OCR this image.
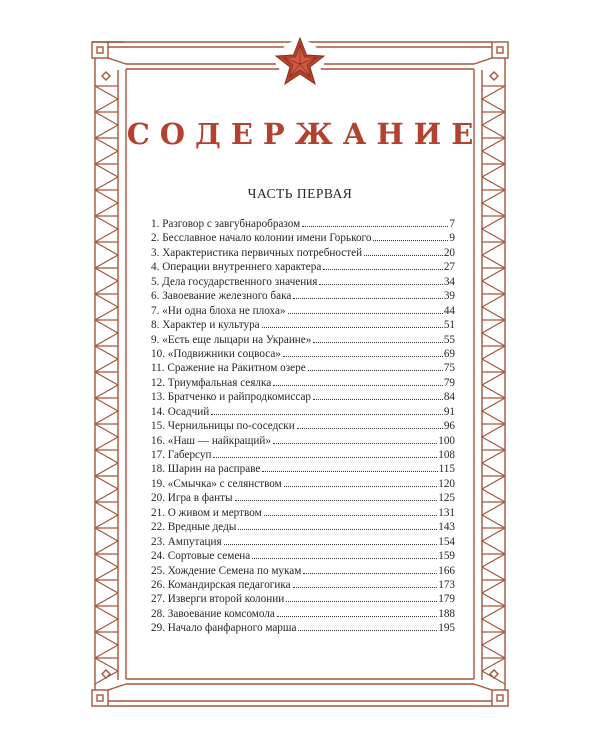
СОДЕРЖАНИЕ
ЧАСТЬ ПЕРВАЯ
1. Разговор с завгубнаробразом	7
2. Бесславное начало колонии имени Горького	9
3. Характеристика первичных потребностей	20
4. Операции внутреннего характера	27
5. Дела государственного значения	34
6. Завоевание железного бака	39
7. «Ни одна блоха не плоха»	44
8. Характер и культура	51
9. «Есть еще лыцари на Украине»	55
10. «Подвижники соцвоса»	69
11. Сражение на Ракитном озере	75
12. Триумфальная сеялка	79
13. Братченко и райпродкомиссар	84
14. Осадчий	91
15. Чернильницы по-соседски	96
16. «Наш — найкращий»	100
17. Габерсуп	108
18. Шарин на расправе	115
19. «Смычка» с селянством	120
20. Игра в фанты	125
21. О живом и мертвом	131
22. Вредные деды	143
23. Ампутация	154
24. Сортовые семена	159
25. Хождение Семена по мукам	166
26. Командирская педагогика	173
27. Изверги второй колонии	179
28. Завоевание комсомола	188
29. Начало фанфарного марша	195
